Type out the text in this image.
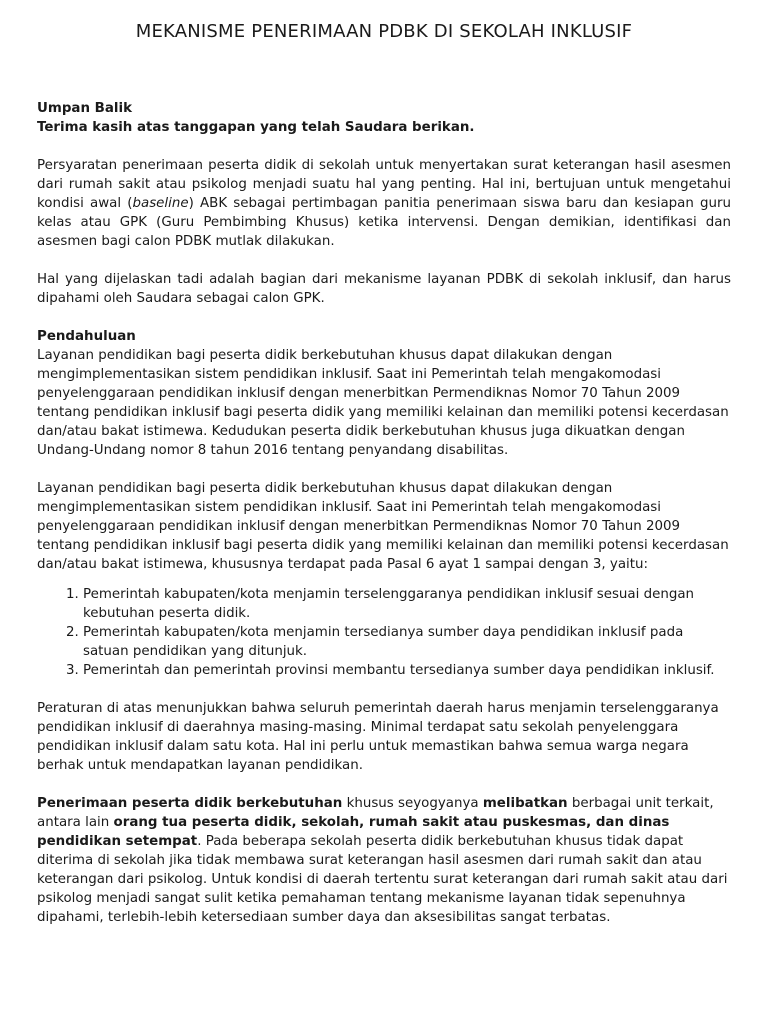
MEKANISME PENERIMAAN PDBK DI SEKOLAH INKLUSIF
Umpan Balik
Terima kasih atas tanggapan yang telah Saudara berikan.

Persyaratan penerimaan peserta didik di sekolah untuk menyertakan surat keterangan hasil asesmen dari rumah sakit atau psikolog menjadi suatu hal yang penting. Hal ini, bertujuan untuk mengetahui kondisi awal (baseline) ABK sebagai pertimbagan panitia penerimaan siswa baru dan kesiapan guru kelas atau GPK (Guru Pembimbing Khusus) ketika intervensi. Dengan demikian, identifikasi dan asesmen bagi calon PDBK mutlak dilakukan.

Hal yang dijelaskan tadi adalah bagian dari mekanisme layanan PDBK di sekolah inklusif, dan harus dipahami oleh Saudara sebagai calon GPK.

Pendahuluan

Layanan pendidikan bagi peserta didik berkebutuhan khusus dapat dilakukan dengan mengimplementasikan sistem pendidikan inklusif. Saat ini Pemerintah telah mengakomodasi penyelenggaraan pendidikan inklusif dengan menerbitkan Permendiknas Nomor 70 Tahun 2009 tentang pendidikan inklusif bagi peserta didik yang memiliki kelainan dan memiliki potensi kecerdasan dan/atau bakat istimewa. Kedudukan peserta didik berkebutuhan khusus juga dikuatkan dengan Undang-Undang nomor 8 tahun 2016 tentang penyandang disabilitas.

Layanan pendidikan bagi peserta didik berkebutuhan khusus dapat dilakukan dengan mengimplementasikan sistem pendidikan inklusif. Saat ini Pemerintah telah mengakomodasi penyelenggaraan pendidikan inklusif dengan menerbitkan Permendiknas Nomor 70 Tahun 2009 tentang pendidikan inklusif bagi peserta didik yang memiliki kelainan dan memiliki potensi kecerdasan dan/atau bakat istimewa, khususnya terdapat pada Pasal 6 ayat 1 sampai dengan 3, yaitu:

1. Pemerintah kabupaten/kota menjamin terselenggaranya pendidikan inklusif sesuai dengan kebutuhan peserta didik.
2. Pemerintah kabupaten/kota menjamin tersedianya sumber daya pendidikan inklusif pada satuan pendidikan yang ditunjuk.
3. Pemerintah dan pemerintah provinsi membantu tersedianya sumber daya pendidikan inklusif.

Peraturan di atas menunjukkan bahwa seluruh pemerintah daerah harus menjamin terselenggaranya pendidikan inklusif di daerahnya masing-masing. Minimal terdapat satu sekolah penyelenggara pendidikan inklusif dalam satu kota. Hal ini perlu untuk memastikan bahwa semua warga negara berhak untuk mendapatkan layanan pendidikan.

Penerimaan peserta didik berkebutuhan khusus seyogyanya melibatkan berbagai unit terkait, antara lain orang tua peserta didik, sekolah, rumah sakit atau puskesmas, dan dinas pendidikan setempat. Pada beberapa sekolah peserta didik berkebutuhan khusus tidak dapat diterima di sekolah jika tidak membawa surat keterangan hasil asesmen dari rumah sakit dan atau keterangan dari psikolog. Untuk kondisi di daerah tertentu surat keterangan dari rumah sakit atau dari psikolog menjadi sangat sulit ketika pemahaman tentang mekanisme layanan tidak sepenuhnya dipahami, terlebih-lebih ketersediaan sumber daya dan aksesibilitas sangat terbatas.
